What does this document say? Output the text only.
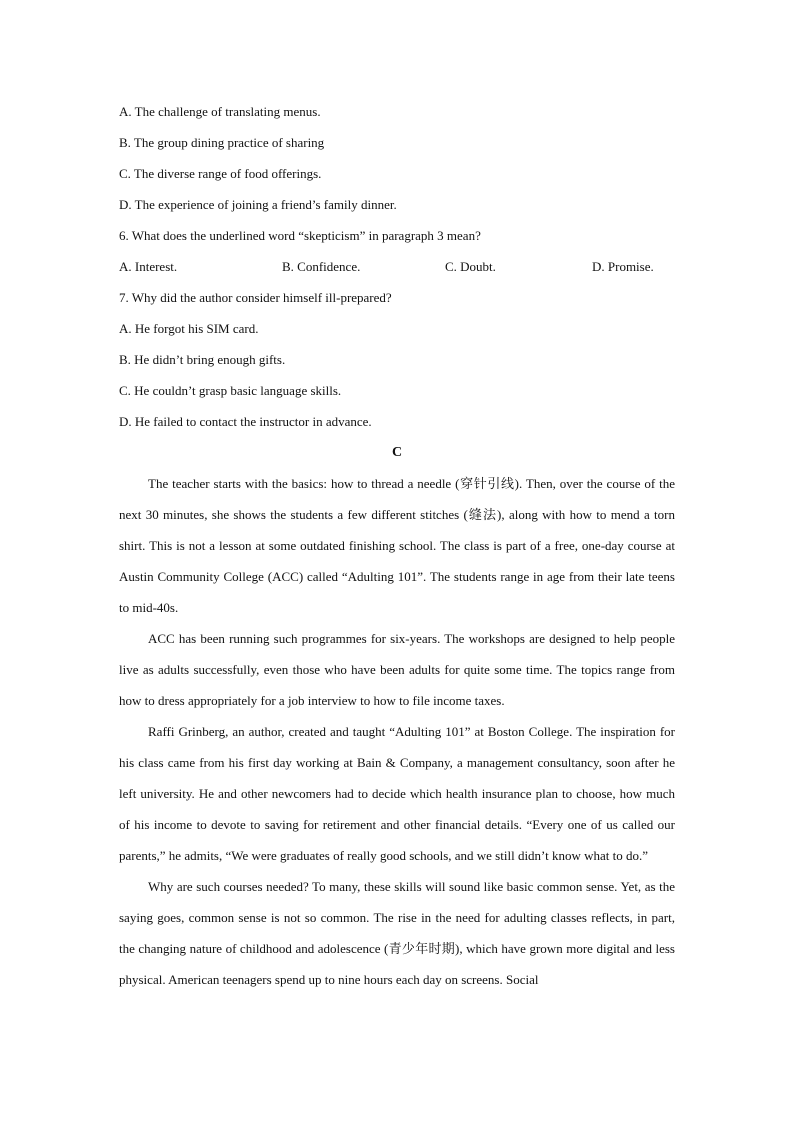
A. The challenge of translating menus.
B. The group dining practice of sharing
C. The diverse range of food offerings.
D. The experience of joining a friend’s family dinner.
6. What does the underlined word “skepticism” in paragraph 3 mean?
A. Interest.	B. Confidence.	C. Doubt.	D. Promise.
7. Why did the author consider himself ill-prepared?
A. He forgot his SIM card.
B. He didn’t bring enough gifts.
C. He couldn’t grasp basic language skills.
D. He failed to contact the instructor in advance.
C

The teacher starts with the basics: how to thread a needle (穿针引线). Then, over the course of the next 30 minutes, she shows the students a few different stitches (缝法), along with how to mend a torn shirt. This is not a lesson at some outdated finishing school. The class is part of a free, one-day course at Austin Community College (ACC) called “Adulting 101”. The students range in age from their late teens to mid-40s.

ACC has been running such programmes for six-years. The workshops are designed to help people live as adults successfully, even those who have been adults for quite some time. The topics range from how to dress appropriately for a job interview to how to file income taxes.

Raffi Grinberg, an author, created and taught “Adulting 101” at Boston College. The inspiration for his class came from his first day working at Bain & Company, a management consultancy, soon after he left university. He and other newcomers had to decide which health insurance plan to choose, how much of his income to devote to saving for retirement and other financial details. “Every one of us called our parents,” he admits, “We were graduates of really good schools, and we still didn’t know what to do.”

Why are such courses needed? To many, these skills will sound like basic common sense. Yet, as the saying goes, common sense is not so common. The rise in the need for adulting classes reflects, in part, the changing nature of childhood and adolescence (青少年时期), which have grown more digital and less physical. American teenagers spend up to nine hours each day on screens. Social
